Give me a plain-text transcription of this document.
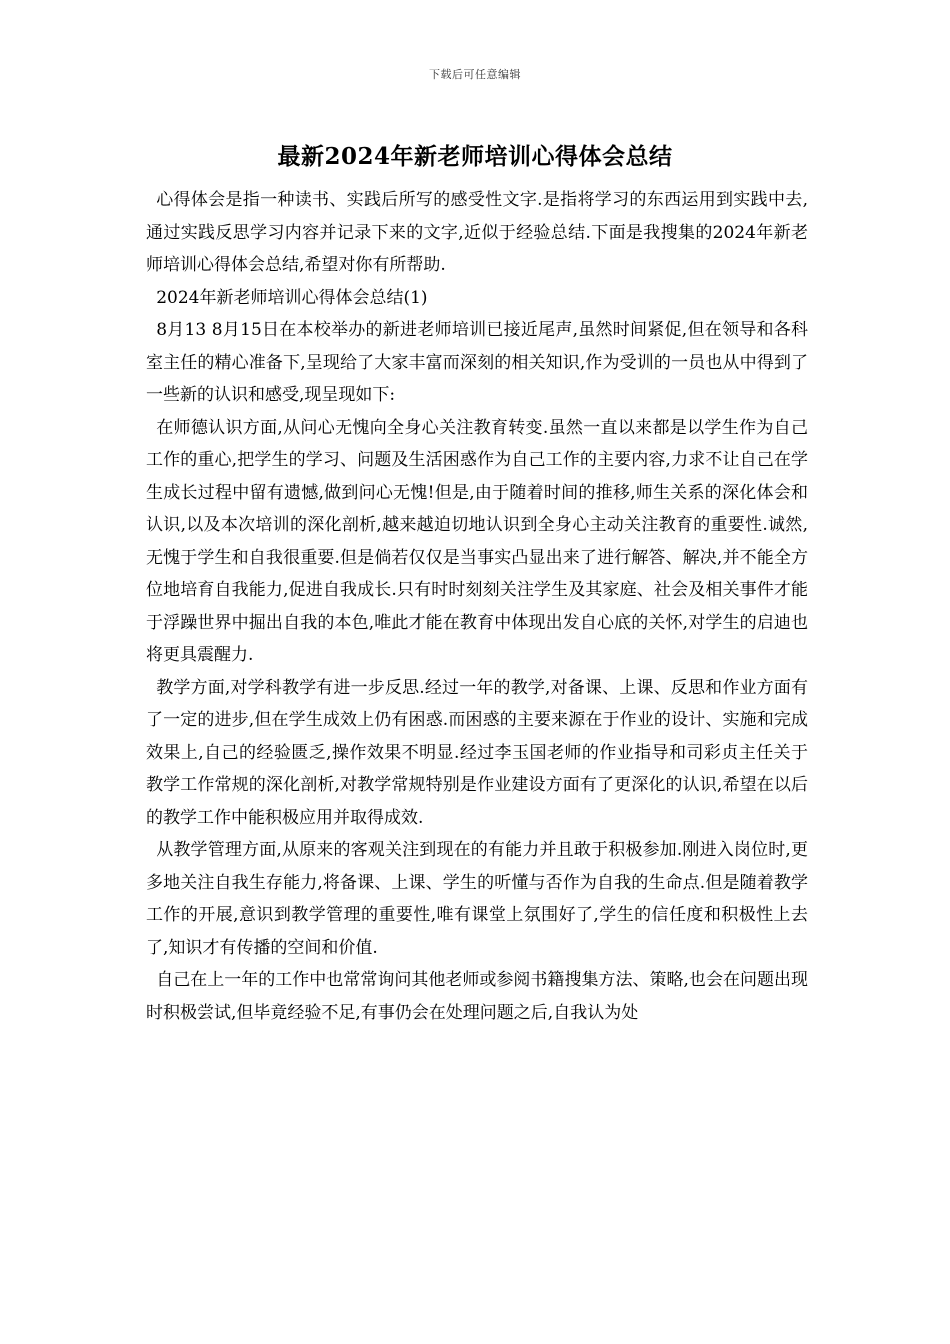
下载后可任意编辑
最新2024年新老师培训心得体会总结

心得体会是指一种读书、实践后所写的感受性文字.是指将学习的东西运用到实践中去,通过实践反思学习内容并记录下来的文字,近似于经验总结.下面是我搜集的2024年新老师培训心得体会总结,希望对你有所帮助.

2024年新老师培训心得体会总结(1)

8月13 8月15日在本校举办的新进老师培训已接近尾声,虽然时间紧促,但在领导和各科室主任的精心准备下,呈现给了大家丰富而深刻的相关知识,作为受训的一员也从中得到了一些新的认识和感受,现呈现如下:

在师德认识方面,从问心无愧向全身心关注教育转变.虽然一直以来都是以学生作为自己工作的重心,把学生的学习、问题及生活困惑作为自己工作的主要内容,力求不让自己在学生成长过程中留有遗憾,做到问心无愧!但是,由于随着时间的推移,师生关系的深化体会和认识,以及本次培训的深化剖析,越来越迫切地认识到全身心主动关注教育的重要性.诚然,无愧于学生和自我很重要.但是倘若仅仅是当事实凸显出来了进行解答、解决,并不能全方位地培育自我能力,促进自我成长.只有时时刻刻关注学生及其家庭、社会及相关事件才能于浮躁世界中掘出自我的本色,唯此才能在教育中体现出发自心底的关怀,对学生的启迪也将更具震醒力.

教学方面,对学科教学有进一步反思.经过一年的教学,对备课、上课、反思和作业方面有了一定的进步,但在学生成效上仍有困惑.而困惑的主要来源在于作业的设计、实施和完成效果上,自己的经验匮乏,操作效果不明显.经过李玉国老师的作业指导和司彩贞主任关于教学工作常规的深化剖析,对教学常规特别是作业建设方面有了更深化的认识,希望在以后的教学工作中能积极应用并取得成效.

从教学管理方面,从原来的客观关注到现在的有能力并且敢于积极参加.刚进入岗位时,更多地关注自我生存能力,将备课、上课、学生的听懂与否作为自我的生命点.但是随着教学工作的开展,意识到教学管理的重要性,唯有课堂上氛围好了,学生的信任度和积极性上去了,知识才有传播的空间和价值.

自己在上一年的工作中也常常询问其他老师或参阅书籍搜集方法、策略,也会在问题出现时积极尝试,但毕竟经验不足,有事仍会在处理问题之后,自我认为处
